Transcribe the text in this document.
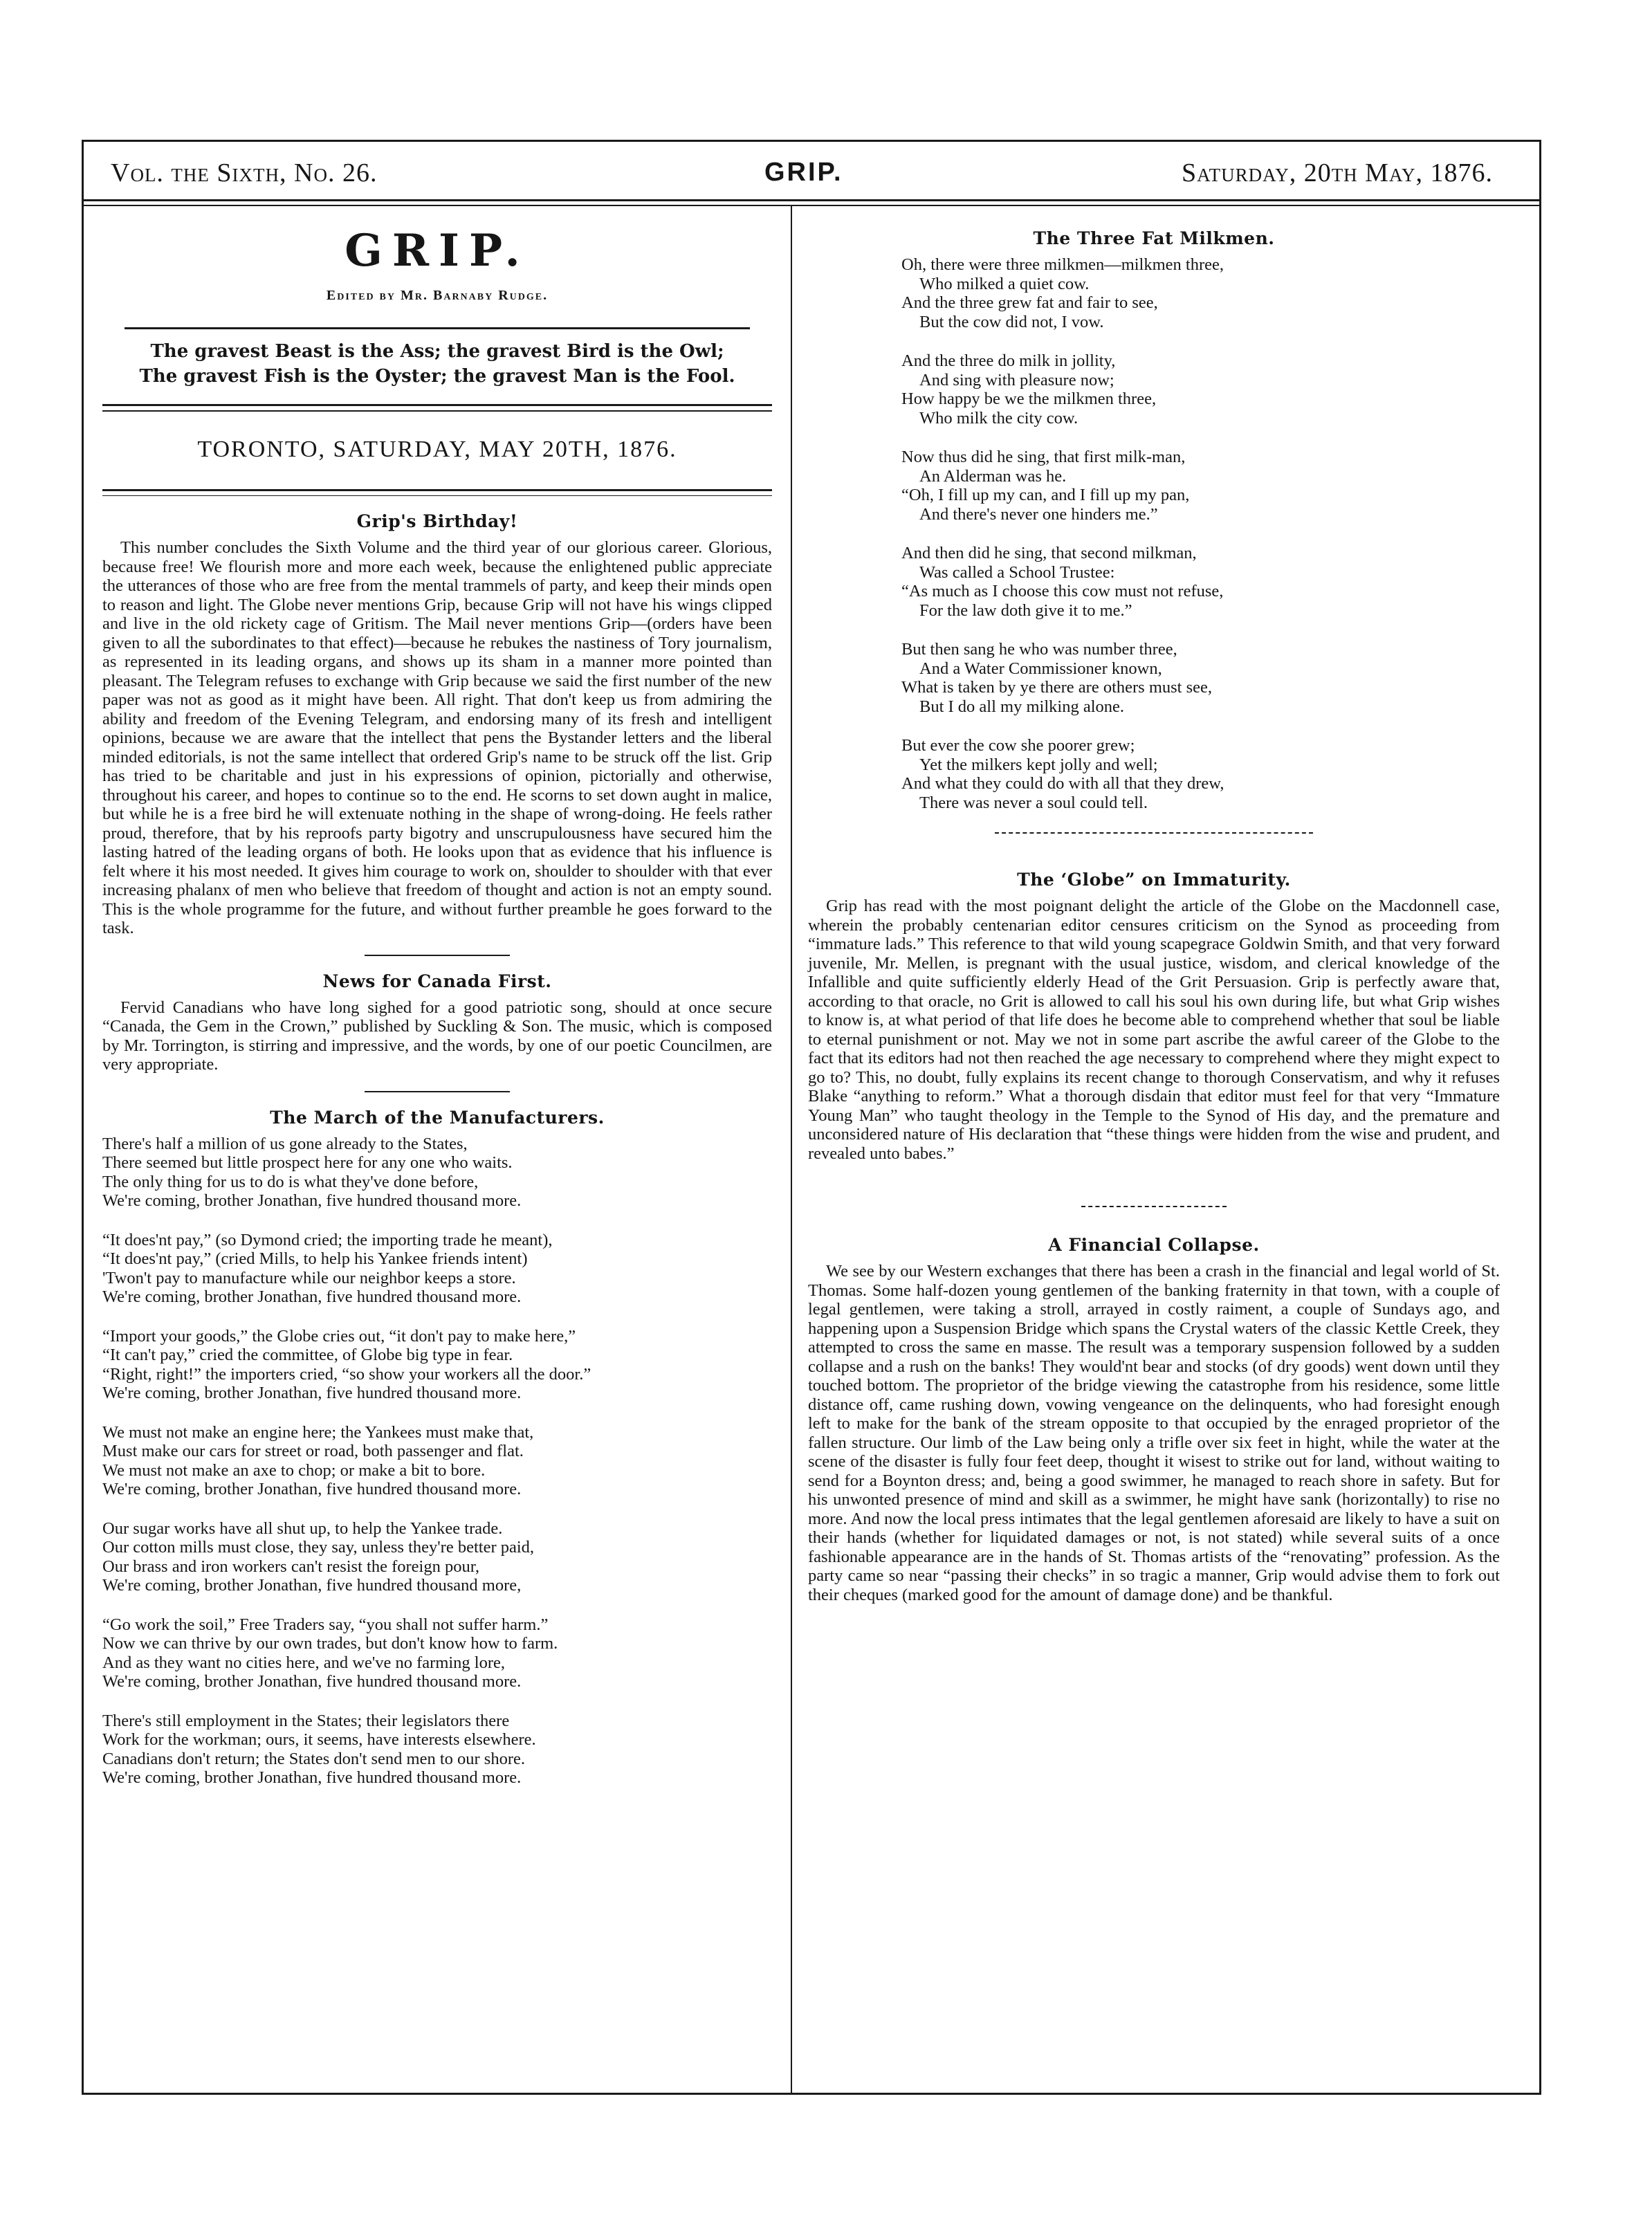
Vol. the Sixth, No. 26.	GRIP.	Saturday, 20th May, 1876.
GRIP.
Edited by Mr. Barnaby Rudge.
The gravest Beast is the Ass; the gravest Bird is the Owl;
The gravest Fish is the Oyster; the gravest Man is the Fool.
TORONTO, SATURDAY, MAY 20TH, 1876.
Grip's Birthday!

This number concludes the Sixth Volume and the third year of our glorious career. Glorious, because free! We flourish more and more each week, because the enlightened public appreciate the utterances of those who are free from the mental trammels of party, and keep their minds open to reason and light. The Globe never mentions Grip, because Grip will not have his wings clipped and live in the old rickety cage of Gritism. The Mail never mentions Grip—(orders have been given to all the subordinates to that effect)—because he rebukes the nastiness of Tory journalism, as represented in its leading organs, and shows up its sham in a manner more pointed than pleasant. The Telegram refuses to exchange with Grip because we said the first number of the new paper was not as good as it might have been. All right. That don't keep us from admiring the ability and freedom of the Evening Telegram, and endorsing many of its fresh and intelligent opinions, because we are aware that the intellect that pens the Bystander letters and the liberal minded editorials, is not the same intellect that ordered Grip's name to be struck off the list. Grip has tried to be charitable and just in his expressions of opinion, pictorially and otherwise, throughout his career, and hopes to continue so to the end. He scorns to set down aught in malice, but while he is a free bird he will extenuate nothing in the shape of wrong-doing. He feels rather proud, therefore, that by his reproofs party bigotry and unscrupulousness have secured him the lasting hatred of the leading organs of both. He looks upon that as evidence that his influence is felt where it his most needed. It gives him courage to work on, shoulder to shoulder with that ever increasing phalanx of men who believe that freedom of thought and action is not an empty sound. This is the whole programme for the future, and without further preamble he goes forward to the task.

News for Canada First.

Fervid Canadians who have long sighed for a good patriotic song, should at once secure “Canada, the Gem in the Crown,” published by Suckling & Son. The music, which is composed by Mr. Torrington, is stirring and impressive, and the words, by one of our poetic Councilmen, are very appropriate.

The March of the Manufacturers.
There's half a million of us gone already to the States,
There seemed but little prospect here for any one who waits.
The only thing for us to do is what they've done before,
We're coming, brother Jonathan, five hundred thousand more.
“It does'nt pay,” (so Dymond cried; the importing trade he meant),
“It does'nt pay,” (cried Mills, to help his Yankee friends intent)
'Twon't pay to manufacture while our neighbor keeps a store.
We're coming, brother Jonathan, five hundred thousand more.
“Import your goods,” the Globe cries out, “it don't pay to make here,”
“It can't pay,” cried the committee, of Globe big type in fear.
“Right, right!” the importers cried, “so show your workers all the door.”
We're coming, brother Jonathan, five hundred thousand more.
We must not make an engine here; the Yankees must make that,
Must make our cars for street or road, both passenger and flat.
We must not make an axe to chop; or make a bit to bore.
We're coming, brother Jonathan, five hundred thousand more.
Our sugar works have all shut up, to help the Yankee trade.
Our cotton mills must close, they say, unless they're better paid,
Our brass and iron workers can't resist the foreign pour,
We're coming, brother Jonathan, five hundred thousand more,
“Go work the soil,” Free Traders say, “you shall not suffer harm.”
Now we can thrive by our own trades, but don't know how to farm.
And as they want no cities here, and we've no farming lore,
We're coming, brother Jonathan, five hundred thousand more.
There's still employment in the States; their legislators there
Work for the workman; ours, it seems, have interests elsewhere.
Canadians don't return; the States don't send men to our shore.
We're coming, brother Jonathan, five hundred thousand more.
The Three Fat Milkmen.
Oh, there were three milkmen—milkmen three,
Who milked a quiet cow.
And the three grew fat and fair to see,
But the cow did not, I vow.
And the three do milk in jollity,
And sing with pleasure now;
How happy be we the milkmen three,
Who milk the city cow.
Now thus did he sing, that first milk-man,
An Alderman was he.
“Oh, I fill up my can, and I fill up my pan,
And there's never one hinders me.”
And then did he sing, that second milkman,
Was called a School Trustee:
“As much as I choose this cow must not refuse,
For the law doth give it to me.”
But then sang he who was number three,
And a Water Commissioner known,
What is taken by ye there are others must see,
But I do all my milking alone.
But ever the cow she poorer grew;
Yet the milkers kept jolly and well;
And what they could do with all that they drew,
There was never a soul could tell.
The ‘Globe” on Immaturity.

Grip has read with the most poignant delight the article of the Globe on the Macdonnell case, wherein the probably centenarian editor censures criticism on the Synod as proceeding from “immature lads.” This reference to that wild young scapegrace Goldwin Smith, and that very forward juvenile, Mr. Mellen, is pregnant with the usual justice, wisdom, and clerical knowledge of the Infallible and quite sufficiently elderly Head of the Grit Persuasion. Grip is perfectly aware that, according to that oracle, no Grit is allowed to call his soul his own during life, but what Grip wishes to know is, at what period of that life does he become able to comprehend whether that soul be liable to eternal punishment or not. May we not in some part ascribe the awful career of the Globe to the fact that its editors had not then reached the age necessary to comprehend where they might expect to go to? This, no doubt, fully explains its recent change to thorough Conservatism, and why it refuses Blake “anything to reform.” What a thorough disdain that editor must feel for that very “Immature Young Man” who taught theology in the Temple to the Synod of His day, and the premature and unconsidered nature of His declaration that “these things were hidden from the wise and prudent, and revealed unto babes.”

A Financial Collapse.

We see by our Western exchanges that there has been a crash in the financial and legal world of St. Thomas. Some half-dozen young gentlemen of the banking fraternity in that town, with a couple of legal gentlemen, were taking a stroll, arrayed in costly raiment, a couple of Sundays ago, and happening upon a Suspension Bridge which spans the Crystal waters of the classic Kettle Creek, they attempted to cross the same en masse. The result was a temporary suspension followed by a sudden collapse and a rush on the banks! They would'nt bear and stocks (of dry goods) went down until they touched bottom. The proprietor of the bridge viewing the catastrophe from his residence, some little distance off, came rushing down, vowing vengeance on the delinquents, who had foresight enough left to make for the bank of the stream opposite to that occupied by the enraged proprietor of the fallen structure. Our limb of the Law being only a trifle over six feet in hight, while the water at the scene of the disaster is fully four feet deep, thought it wisest to strike out for land, without waiting to send for a Boynton dress; and, being a good swimmer, he managed to reach shore in safety. But for his unwonted presence of mind and skill as a swimmer, he might have sank (horizontally) to rise no more. And now the local press intimates that the legal gentlemen aforesaid are likely to have a suit on their hands (whether for liquidated damages or not, is not stated) while several suits of a once fashionable appearance are in the hands of St. Thomas artists of the “renovating” profession. As the party came so near “passing their checks” in so tragic a manner, Grip would advise them to fork out their cheques (marked good for the amount of damage done) and be thankful.
